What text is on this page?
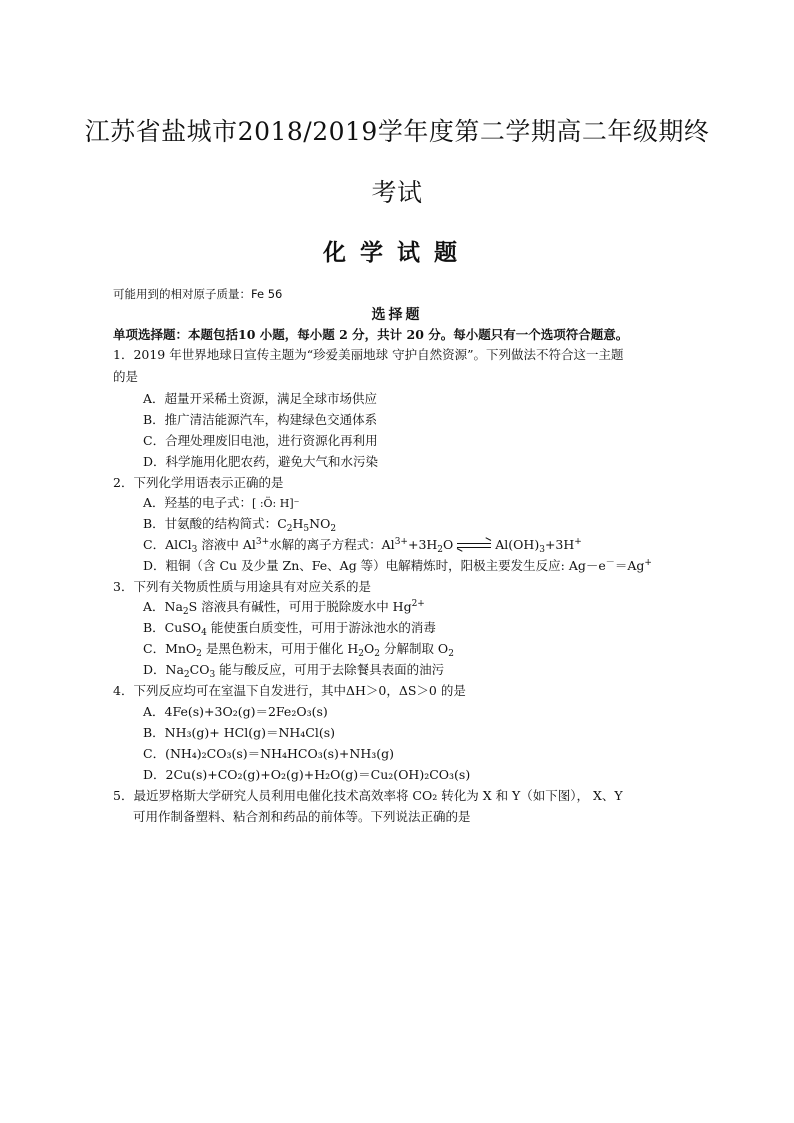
江苏省盐城市2018/2019学年度第二学期高二年级期终
考试
化学试题
可能用到的相对原子质量：Fe 56
选择题
单项选择题：本题包括10 小题，每小题 2 分，共计 20 分。每小题只有一个选项符合题意。
1．2019 年世界地球日宣传主题为“珍爱美丽地球 守护自然资源”。下列做法不符合这一主题
的是
A．超量开采稀土资源，满足全球市场供应
B．推广清洁能源汽车，构建绿色交通体系
C．合理处理废旧电池，进行资源化再利用
D．科学施用化肥农药，避免大气和水污染
2．下列化学用语表示正确的是
A．羟基的电子式：[ :Ö: H]⁻
B．甘氨酸的结构简式：$C_2H_5NO_2$
C．AlCl$_3$ 溶液中 $Al^{3+}$水解的离子方程式：$Al^{3+}+3H_2O$	$Al(OH)_3+3H^+$
D．粗铜（含 Cu 及少量 Zn、Fe、Ag 等）电解精炼时，阳极主要发生反应: Ag－e－＝Ag+
3．下列有关物质性质与用途具有对应关系的是
A．$Na_2S$ 溶液具有碱性，可用于脱除废水中 $Hg^{2+}$
B．CuSO$_4$ 能使蛋白质变性，可用于游泳池水的消毒
C．MnO$_2$ 是黑色粉末，可用于催化 $H_2O_2$ 分解制取 $O_2$
D．$Na_2CO_3$ 能与酸反应，可用于去除餐具表面的油污
4．下列反应均可在室温下自发进行，其中ΔH＞0，ΔS＞0 的是
A．4Fe(s)+3O₂(g)＝2Fe₂O₃(s)
B．NH₃(g)+ HCl(g)＝NH₄Cl(s)
C．(NH₄)₂CO₃(s)＝NH₄HCO₃(s)+NH₃(g)
D．2Cu(s)+CO₂(g)+O₂(g)+H₂O(g)＝Cu₂(OH)₂CO₃(s)
5．最近罗格斯大学研究人员利用电催化技术高效率将 CO₂ 转化为 X 和 Y（如下图）， X、Y
可用作制备塑料、粘合剂和药品的前体等。下列说法正确的是
